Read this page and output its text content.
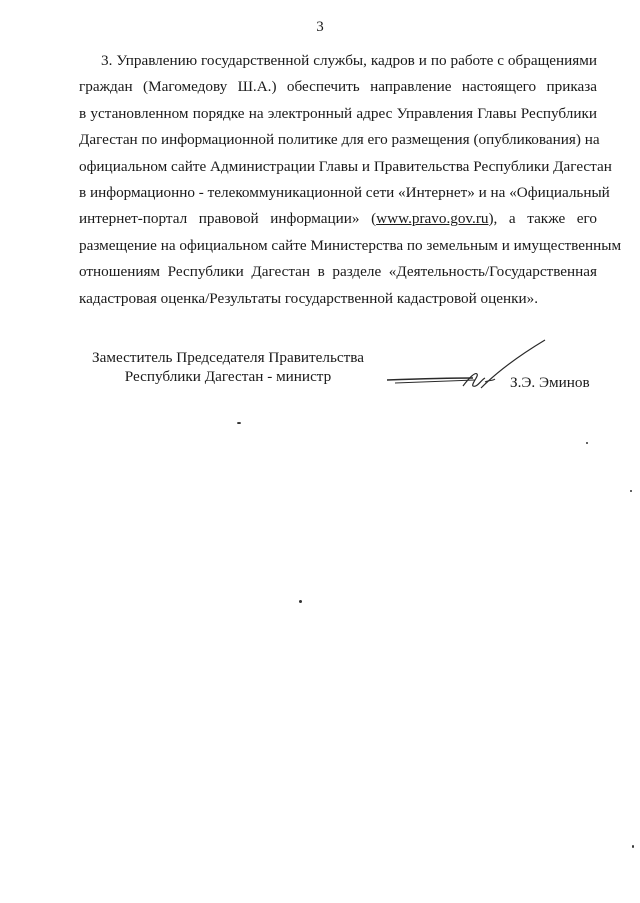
3
3. Управлению государственной службы, кадров и по работе с обращениями
граждан (Магомедову Ш.А.) обеспечить направление настоящего приказа
в установленном порядке на электронный адрес Управления Главы Республики
Дагестан по информационной политике для его размещения (опубликования) на
официальном сайте Администрации Главы и Правительства Республики Дагестан
в информационно - телекоммуникационной сети «Интернет» и на «Официальный
интернет-портал правовой информации» (www.pravo.gov.ru), а также его
размещение на официальном сайте Министерства по земельным и имущественным
отношениям Республики Дагестан в разделе «Деятельность/Государственная
кадастровая оценка/Результаты государственной кадастровой оценки».
Заместитель Председателя Правительства
Республики Дагестан - министр	З.Э. Эминов
